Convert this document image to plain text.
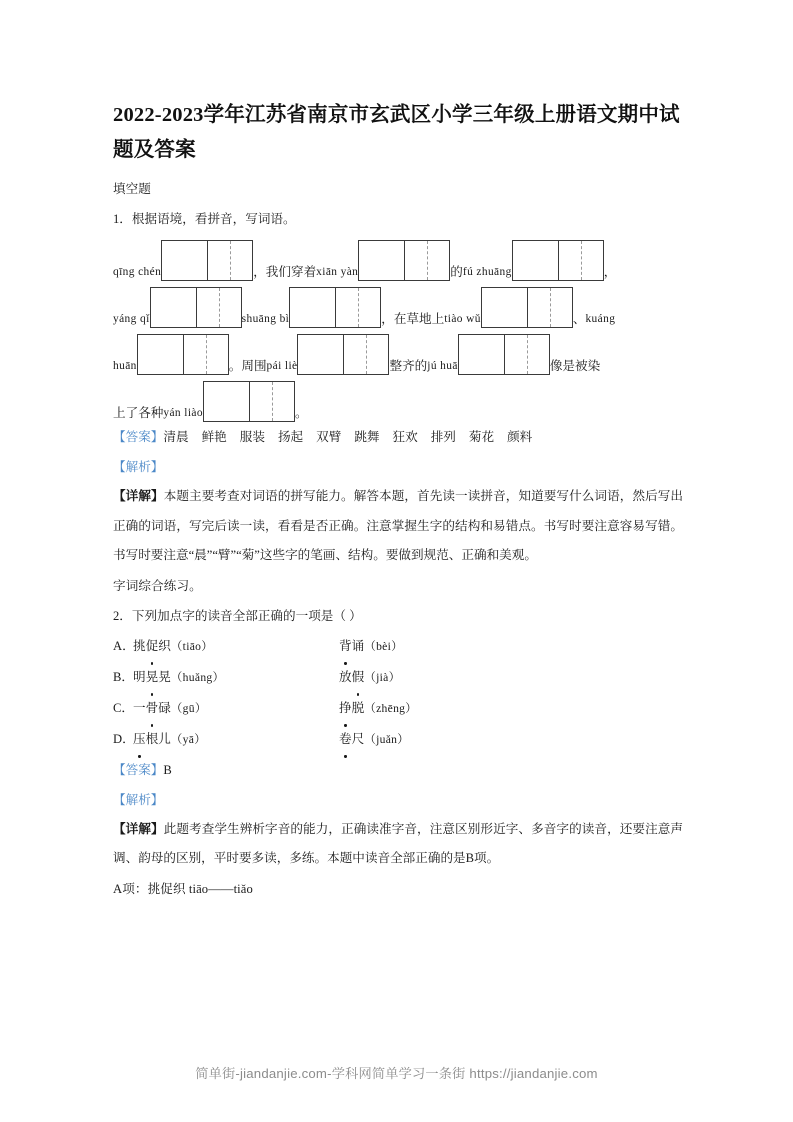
2022-2023学年江苏省南京市玄武区小学三年级上册语文期中试题及答案

填空题

1．根据语境，看拼音，写词语。

qīng chén	，我们穿着 xiān yàn	的 fú zhuāng	，
yáng qǐ	shuāng bì	，在草地上 tiào wǔ	、 kuáng
huān	。周围 pái liè	整齐的 jú huā	像是被染
上了各种 yán liào	。

【答案】清晨 鲜艳 服装 扬起 双臂 跳舞 狂欢 排列 菊花 颜料

【解析】

【详解】本题主要考查对词语的拼写能力。解答本题，首先读一读拼音，知道要写什么词语，然后写出正确的词语，写完后读一读，看看是否正确。注意掌握生字的结构和易错点。书写时要注意容易写错。书写时要注意“晨”“臂”“菊”这些字的笔画、结构。要做到规范、正确和美观。

字词综合练习。

2．下列加点字的读音全部正确的一项是（ ）

A．
挑促织（tiāo）	背诵（bèi）
B． 明晃晃（huǎng）	放假（jià）
C． 一骨碌（gū）	挣脱（zhēng）
D．
压根儿（yā）	卷尺（juǎn）

【答案】B

【解析】

【详解】此题考查学生辨析字音的能力，正确读准字音，注意区别形近字、多音字的读音，还要注意声调、韵母的区别，平时要多读，多练。本题中读音全部正确的是B项。

A项：挑促织 tiāo——tiǎo

简单街-jiandanjie.com-学科网简单学习一条街 https://jiandanjie.com
